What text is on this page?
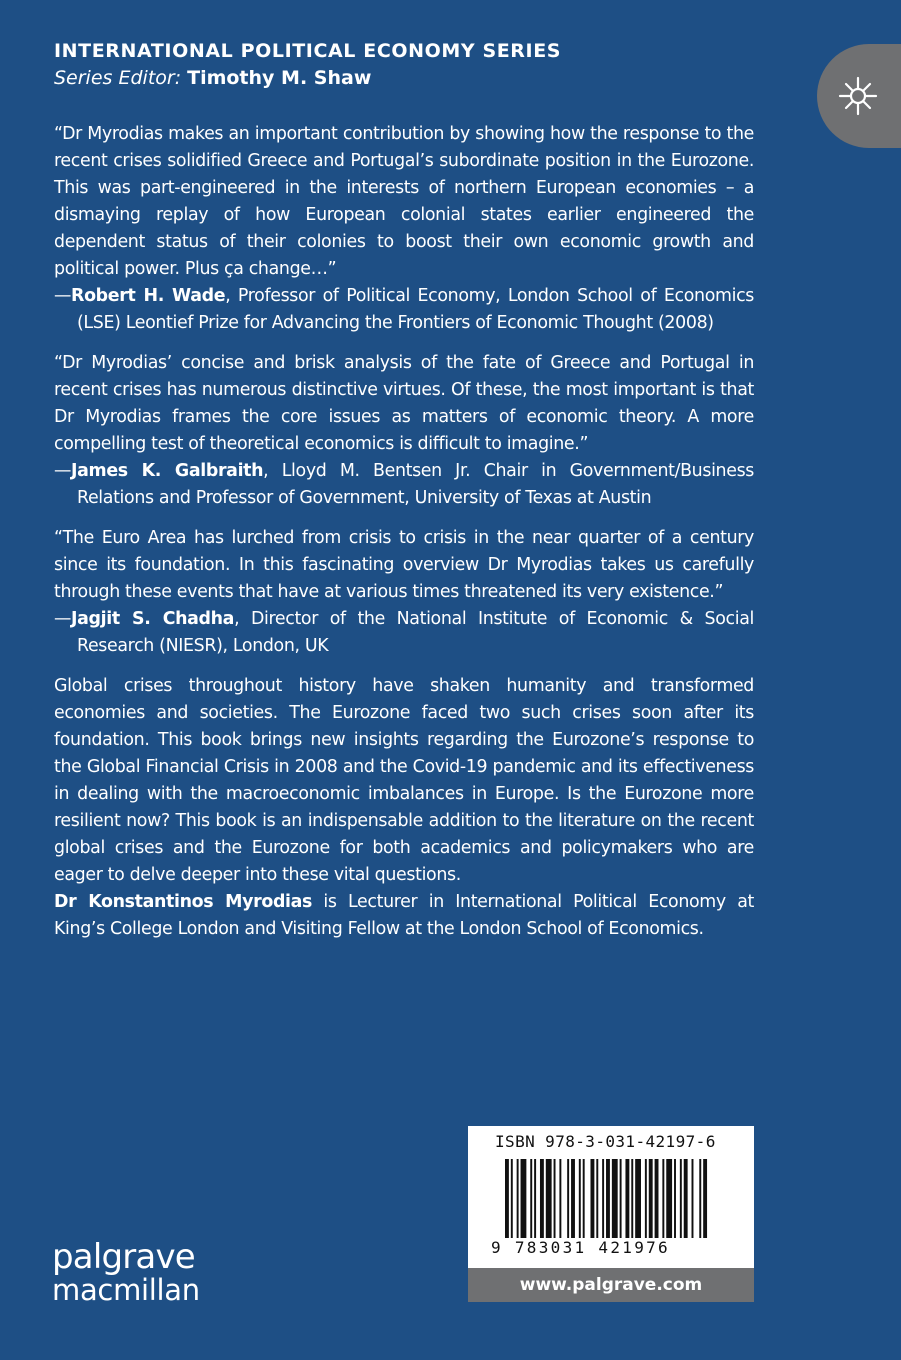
INTERNATIONAL POLITICAL ECONOMY SERIES
Series Editor: Timothy M. Shaw

“Dr Myrodias makes an important contribution by showing how the response to the recent crises solidified Greece and Portugal’s subordinate position in the Eurozone. This was part-engineered in the interests of northern European economies – a dismaying replay of how European colonial states earlier engineered the dependent status of their colonies to boost their own economic growth and political power. Plus ça change…”

—Robert H. Wade, Professor of Political Economy, London School of Economics (LSE) Leontief Prize for Advancing the Frontiers of Economic Thought (2008)

“Dr Myrodias’ concise and brisk analysis of the fate of Greece and Portugal in recent crises has numerous distinctive virtues. Of these, the most important is that Dr Myrodias frames the core issues as matters of economic theory. A more compelling test of theoretical economics is difficult to imagine.”

—James K. Galbraith, Lloyd M. Bentsen Jr. Chair in Government/Business Relations and Professor of Government, University of Texas at Austin

“The Euro Area has lurched from crisis to crisis in the near quarter of a century since its foundation. In this fascinating overview Dr Myrodias takes us carefully through these events that have at various times threatened its very existence.”

—Jagjit S. Chadha, Director of the National Institute of Economic & Social Research (NIESR), London, UK

Global crises throughout history have shaken humanity and transformed economies and societies. The Eurozone faced two such crises soon after its foundation. This book brings new insights regarding the Eurozone’s response to the Global Financial Crisis in 2008 and the Covid-19 pandemic and its effectiveness in dealing with the macroeconomic imbalances in Europe. Is the Eurozone more resilient now? This book is an indispensable addition to the literature on the recent global crises and the Eurozone for both academics and policymakers who are eager to delve deeper into these vital questions.

Dr Konstantinos Myrodias is Lecturer in International Political Economy at King’s College London and Visiting Fellow at the London School of Economics.

ISBN 978-3-031-42197-6
9 783031 421976
www.palgrave.com
palgrave
macmillan
